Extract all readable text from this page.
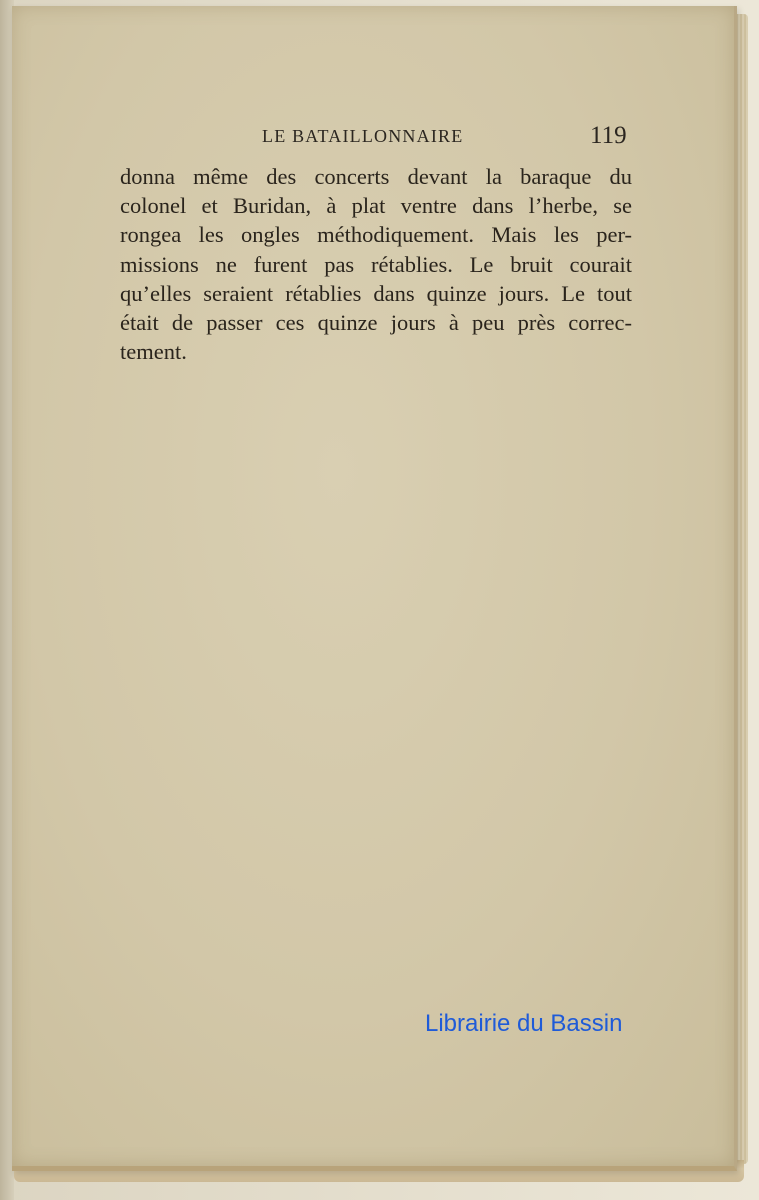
LE BATAILLONNAIRE	119
donna même des concerts devant la baraque du
colonel et Buridan, à plat ventre dans l’herbe, se
rongea les ongles méthodiquement. Mais les per-
missions ne furent pas rétablies. Le bruit courait
qu’elles seraient rétablies dans quinze jours. Le tout
était de passer ces quinze jours à peu près correc-
tement.
Librairie du Bassin
